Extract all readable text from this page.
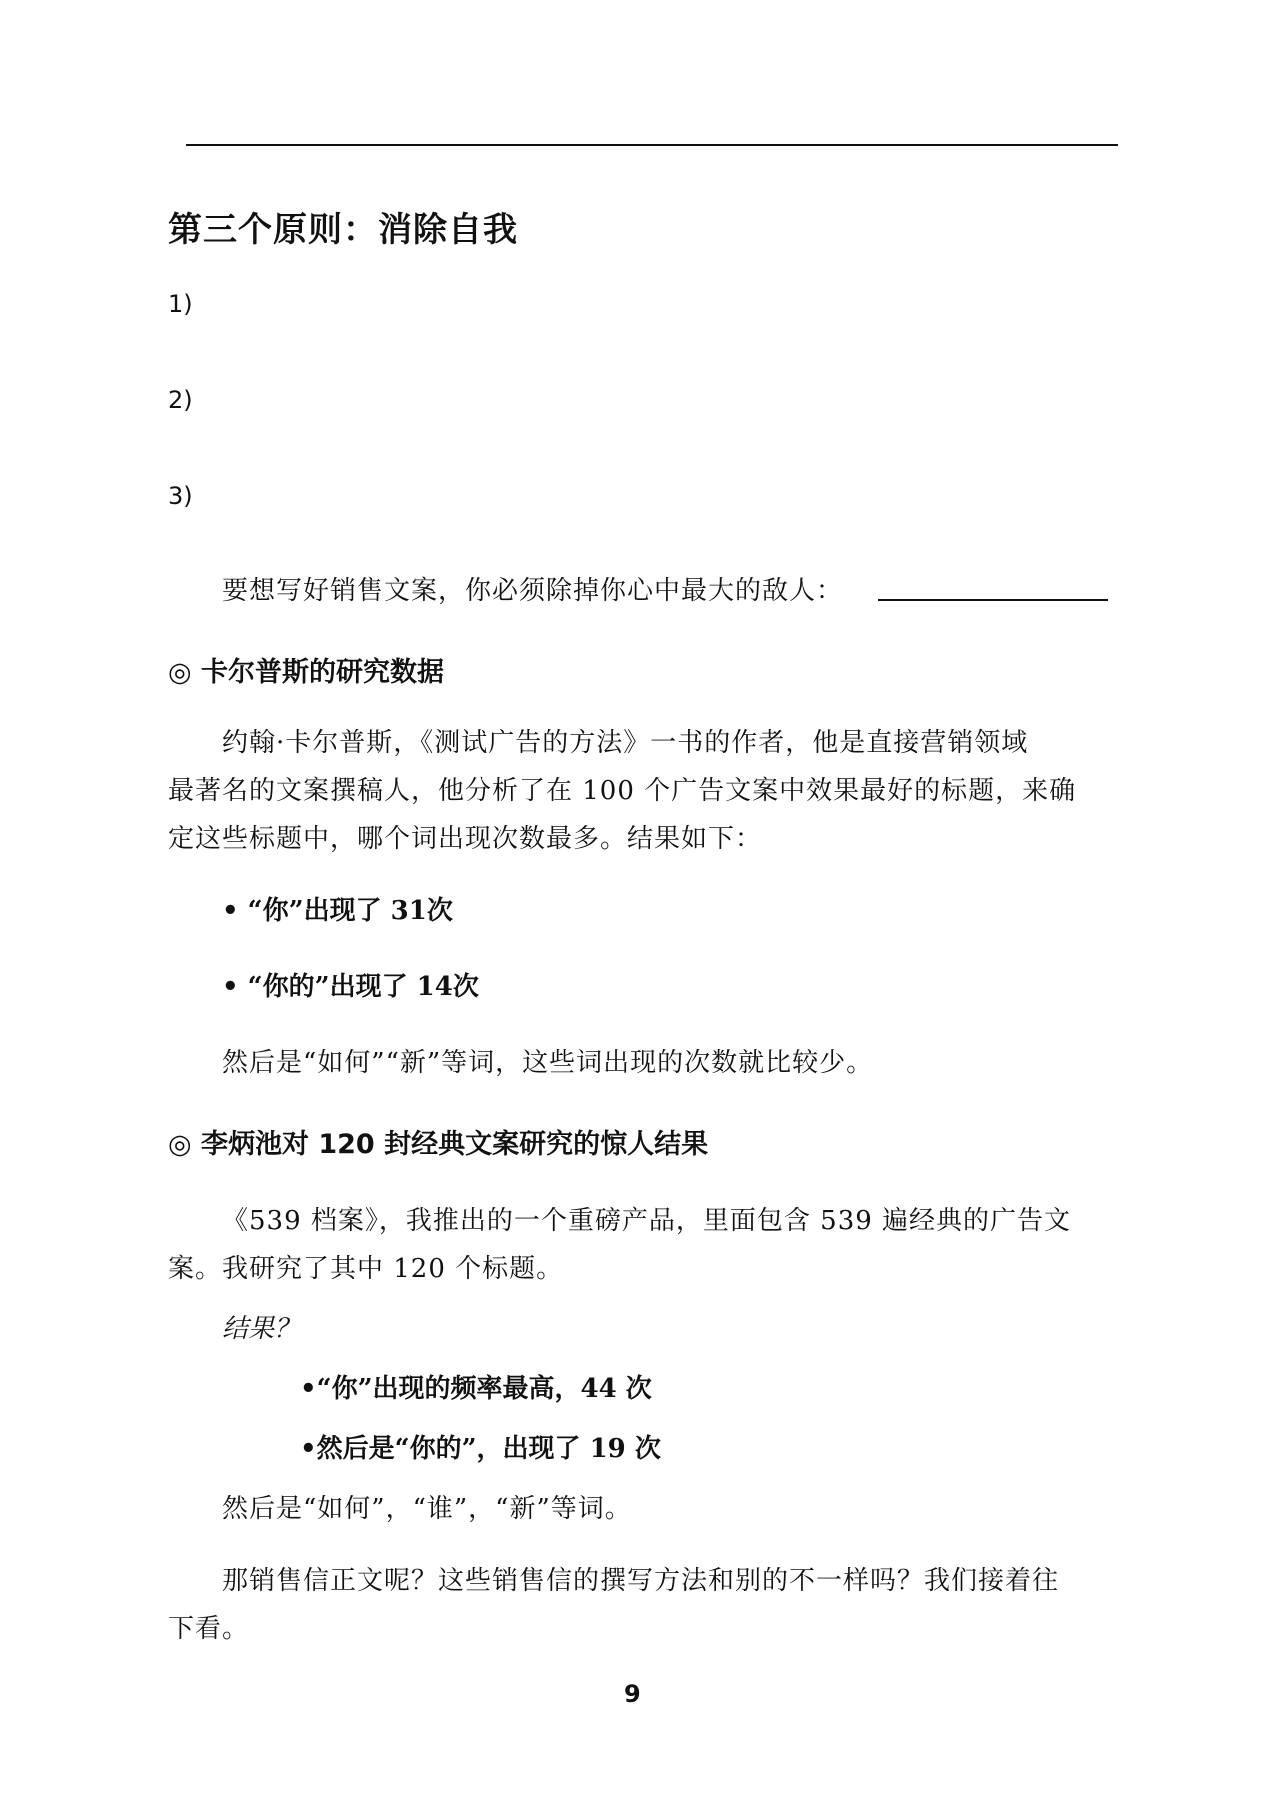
第三个原则：消除自我
1)
2)
3)
要想写好销售文案，你必须除掉你心中最大的敌人：
◎ 卡尔普斯的研究数据
约翰·卡尔普斯，《测试广告的方法》一书的作者，他是直接营销领域
最著名的文案撰稿人，他分析了在 100 个广告文案中效果最好的标题，来确
定这些标题中，哪个词出现次数最多。结果如下：
• “你”出现了 31次
• “你的”出现了 14次
然后是“如何”“新”等词，这些词出现的次数就比较少。
◎ 李炳池对 120 封经典文案研究的惊人结果
《539 档案》，我推出的一个重磅产品，里面包含 539 遍经典的广告文
案。我研究了其中 120 个标题。
结果？
•“你”出现的频率最高，44 次
•然后是“你的”，出现了 19 次
然后是“如何”，“谁”，“新”等词。
那销售信正文呢？这些销售信的撰写方法和别的不一样吗？我们接着往
下看。
9
